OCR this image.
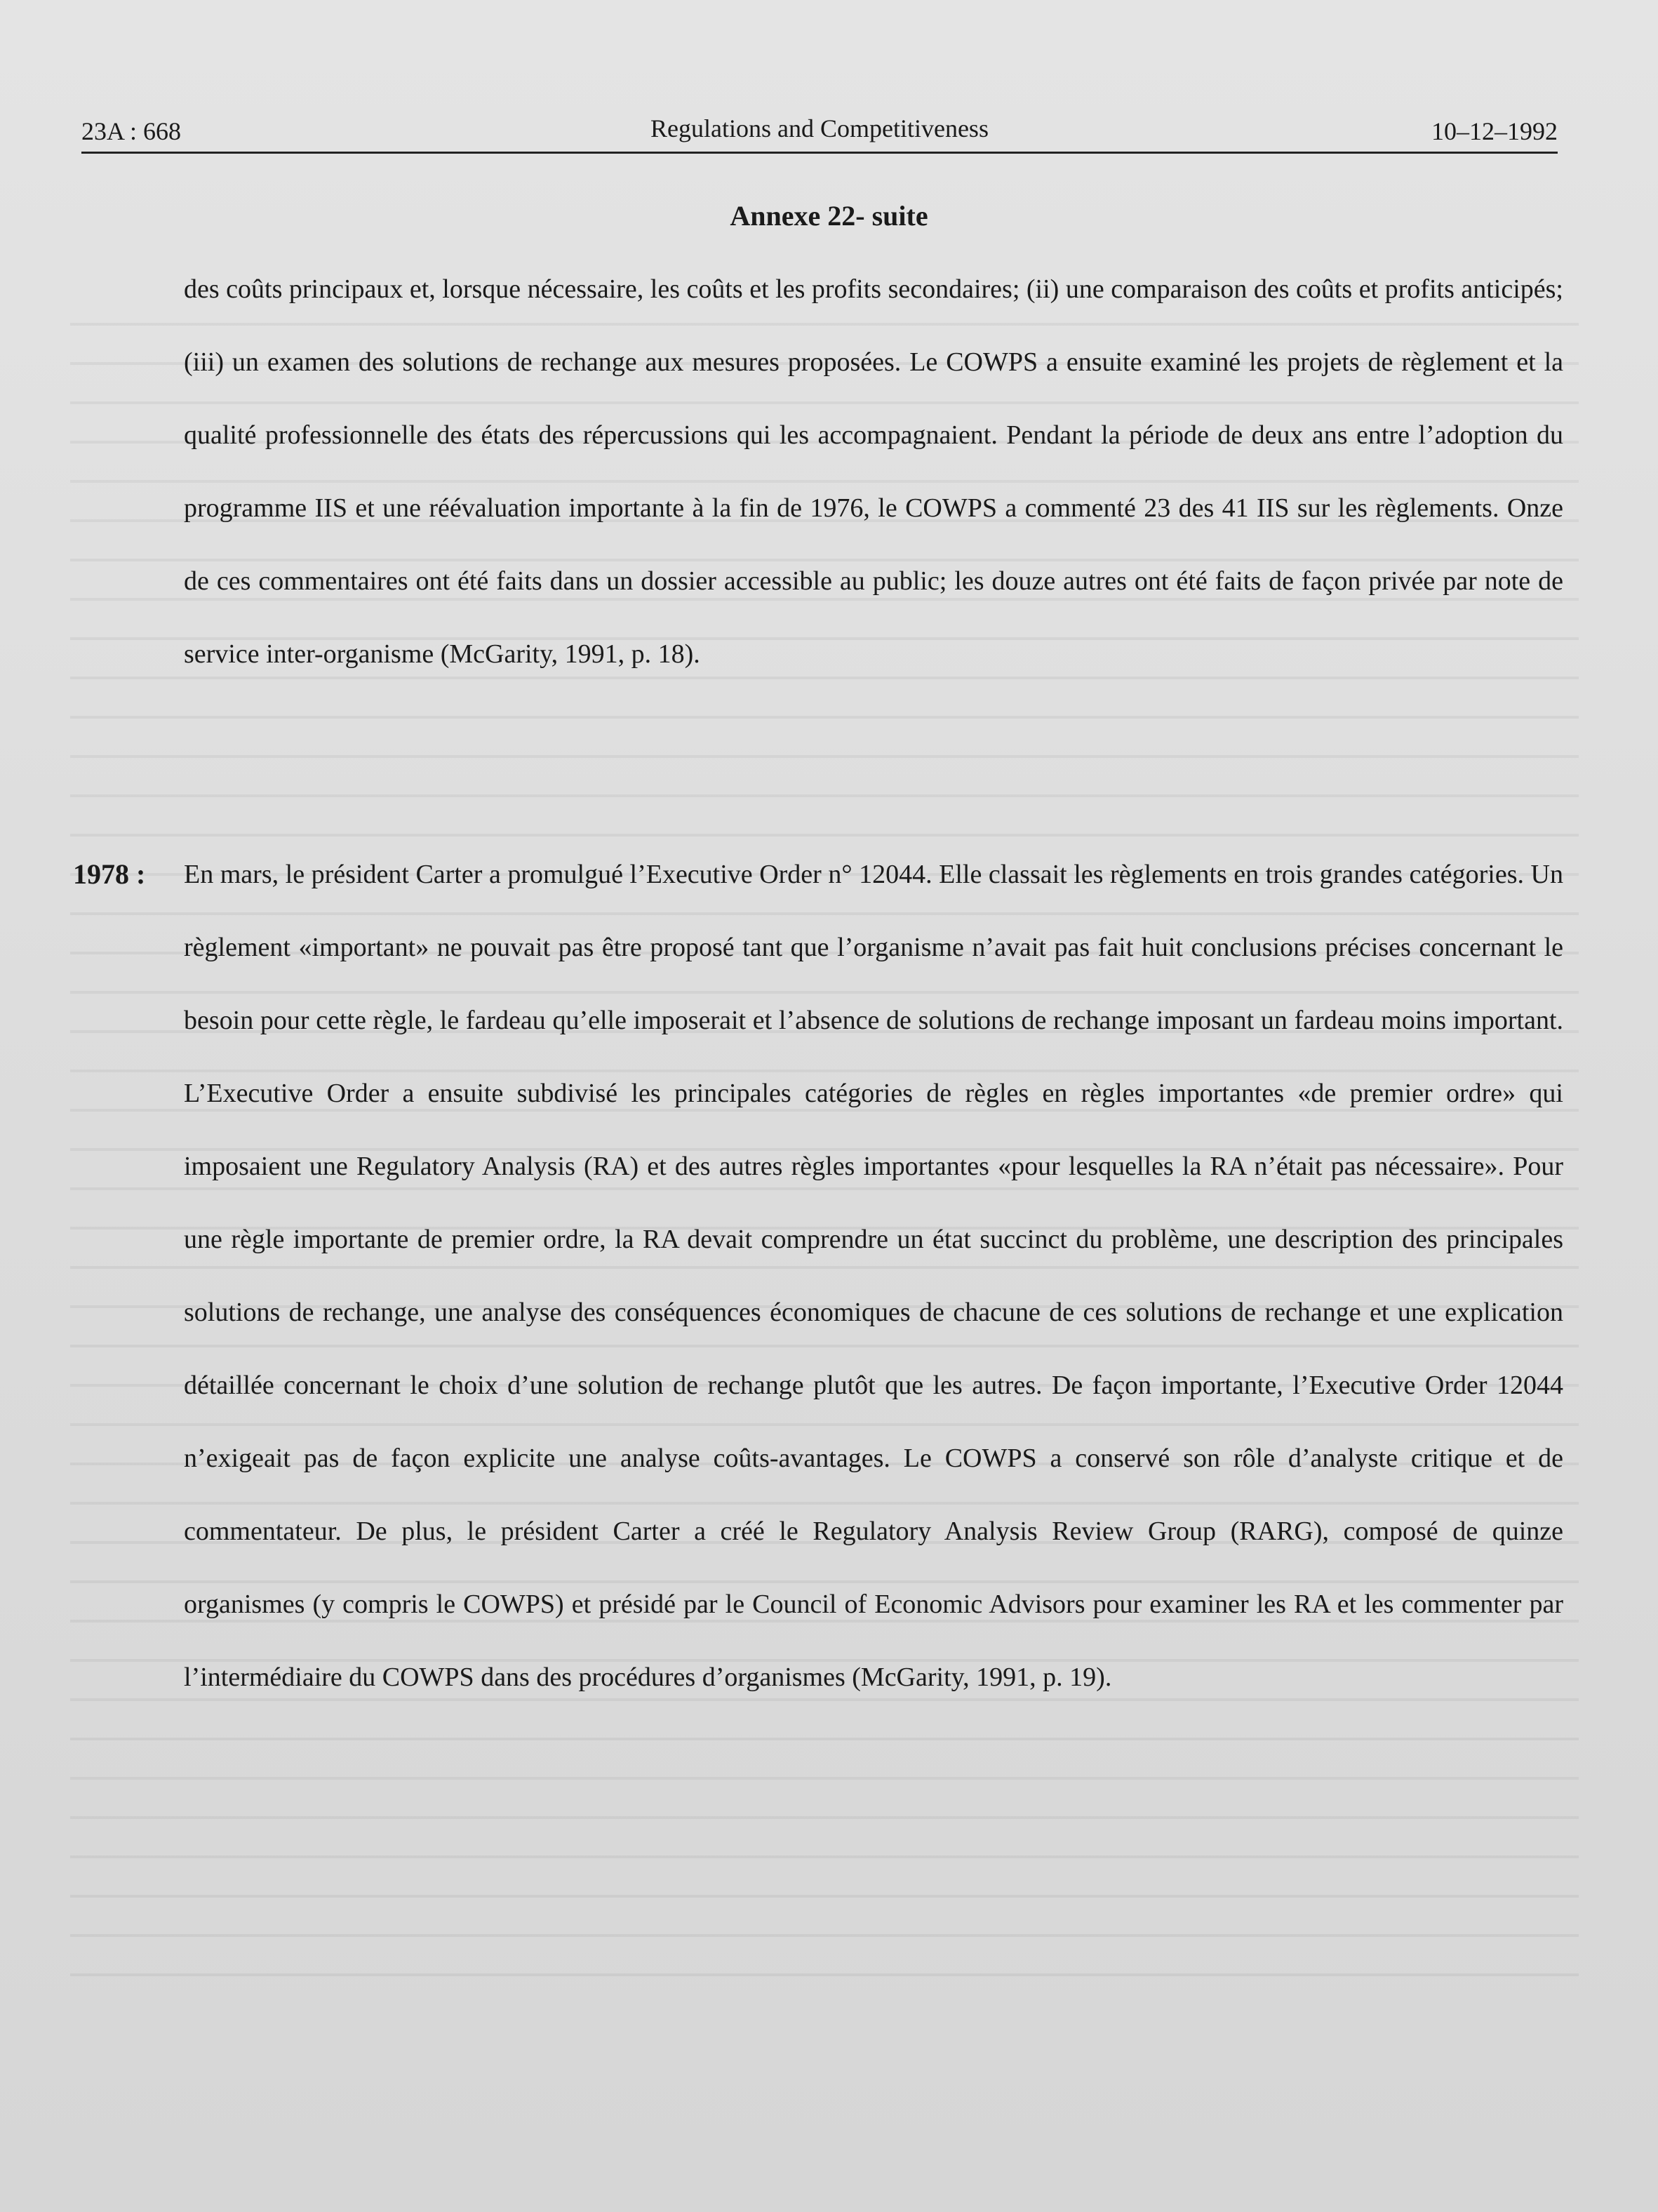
23A : 668	Regulations and Competitiveness	10–12–1992
Annexe 22- suite

des coûts principaux et, lorsque nécessaire, les coûts et les profits secondaires; (ii) une comparaison des coûts et profits anticipés; (iii) un examen des solutions de rechange aux mesures proposées. Le COWPS a ensuite examiné les projets de règlement et la qualité professionnelle des états des répercussions qui les accompagnaient. Pendant la période de deux ans entre l’adoption du programme IIS et une réévaluation importante à la fin de 1976, le COWPS a commenté 23 des 41 IIS sur les règlements. Onze de ces commentaires ont été faits dans un dossier accessible au public; les douze autres ont été faits de façon privée par note de service inter-organisme (McGarity, 1991, p. 18).

1978 : En mars, le président Carter a promulgué l’Executive Order n° 12044. Elle classait les règlements en trois grandes catégories. Un règlement «important» ne pouvait pas être proposé tant que l’organisme n’avait pas fait huit conclusions précises concernant le besoin pour cette règle, le fardeau qu’elle imposerait et l’absence de solutions de rechange imposant un fardeau moins important. L’Executive Order a ensuite subdivisé les principales catégories de règles en règles importantes «de premier ordre» qui imposaient une Regulatory Analysis (RA) et des autres règles importantes «pour lesquelles la RA n’était pas nécessaire». Pour une règle importante de premier ordre, la RA devait comprendre un état succinct du problème, une description des principales solutions de rechange, une analyse des conséquences économiques de chacune de ces solutions de rechange et une explication détaillée concernant le choix d’une solution de rechange plutôt que les autres. De façon importante, l’Executive Order 12044 n’exigeait pas de façon explicite une analyse coûts-avantages. Le COWPS a conservé son rôle d’analyste critique et de commentateur. De plus, le président Carter a créé le Regulatory Analysis Review Group (RARG), composé de quinze organismes (y compris le COWPS) et présidé par le Council of Economic Advisors pour examiner les RA et les commenter par l’intermédiaire du COWPS dans des procédures d’organismes (McGarity, 1991, p. 19).
